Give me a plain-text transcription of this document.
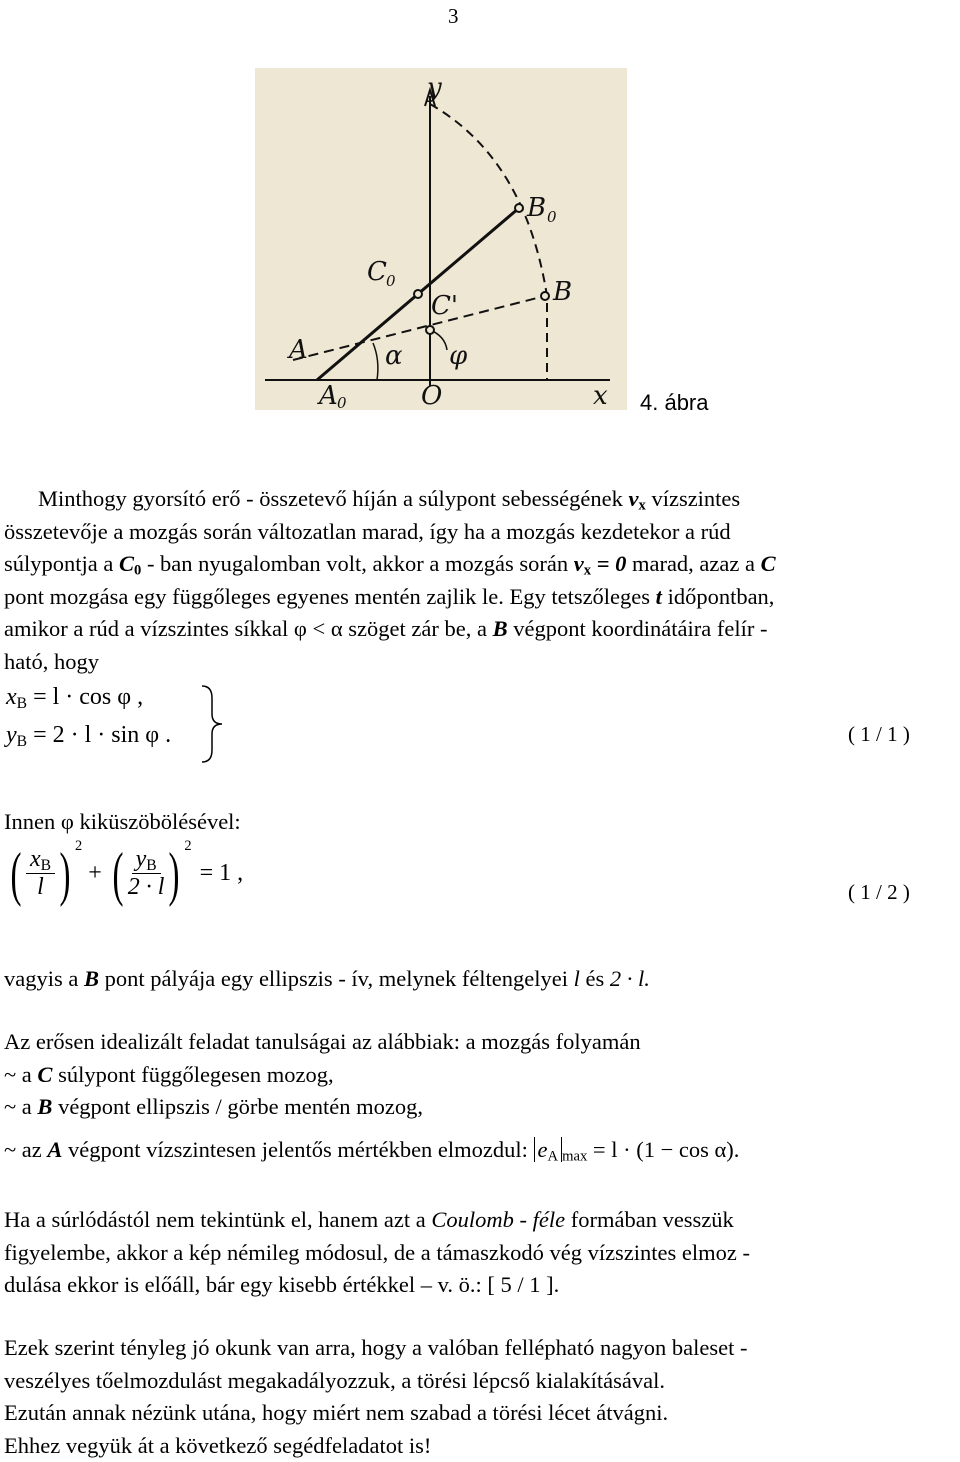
3
y
x
B 0
C 0
C'	B
A
A 0	O
α φ
4. ábra
Minthogy gyorsító erő - összetevő híján a súlypont sebességének $v_x$ vízszintes
összetevője a mozgás során változatlan marad, így ha a mozgás kezdetekor a rúd
súlypontja a $C_0$ - ban nyugalomban volt, akkor a mozgás során $v_x = 0$ marad, azaz a C
pont mozgása egy függőleges egyenes mentén zajlik le. Egy tetszőleges t időpontban,
amikor a rúd a vízszintes síkkal φ < α szöget zár be, a B végpont koordinátáira felír -
ható, hogy
$x_B = l \cdot \cos \varphi$ ,
$y_B = 2 \cdot l \cdot \sin \varphi$ .	( 1 / 1 )
Innen φ kiküszöbölésével:
( $\frac{x_B}{l}$ ) 2
+ ( $\frac{y_B}{2 \cdot l}$ ) 2
= 1 ,
( 1 / 2 )
vagyis a B pont pályája egy ellipszis - ív, melynek féltengelyei l és 2 · l.
Az erősen idealizált feladat tanulságai az alábbiak: a mozgás folyamán
~ a C súlypont függőlegesen mozog,
~ a B végpont ellipszis / görbe mentén mozog,
~ az A végpont vízszintesen jelentős mértékben elmozdul: $e_A$ $_{max}$ = l · (1 − cos α).
Ha a súrlódástól nem tekintünk el, hanem azt a Coulomb - féle formában vesszük
figyelembe, akkor a kép némileg módosul, de a támaszkodó vég vízszintes elmoz -
dulása ekkor is előáll, bár egy kisebb értékkel – v. ö.: [ 5 / 1 ].
Ezek szerint tényleg jó okunk van arra, hogy a valóban fellépható nagyon baleset -
veszélyes tőelmozdulást megakadályozzuk, a törési lépcső kialakításával.
Ezután annak nézünk utána, hogy miért nem szabad a törési lécet átvágni.
Ehhez vegyük át a következő segédfeladatot is!
